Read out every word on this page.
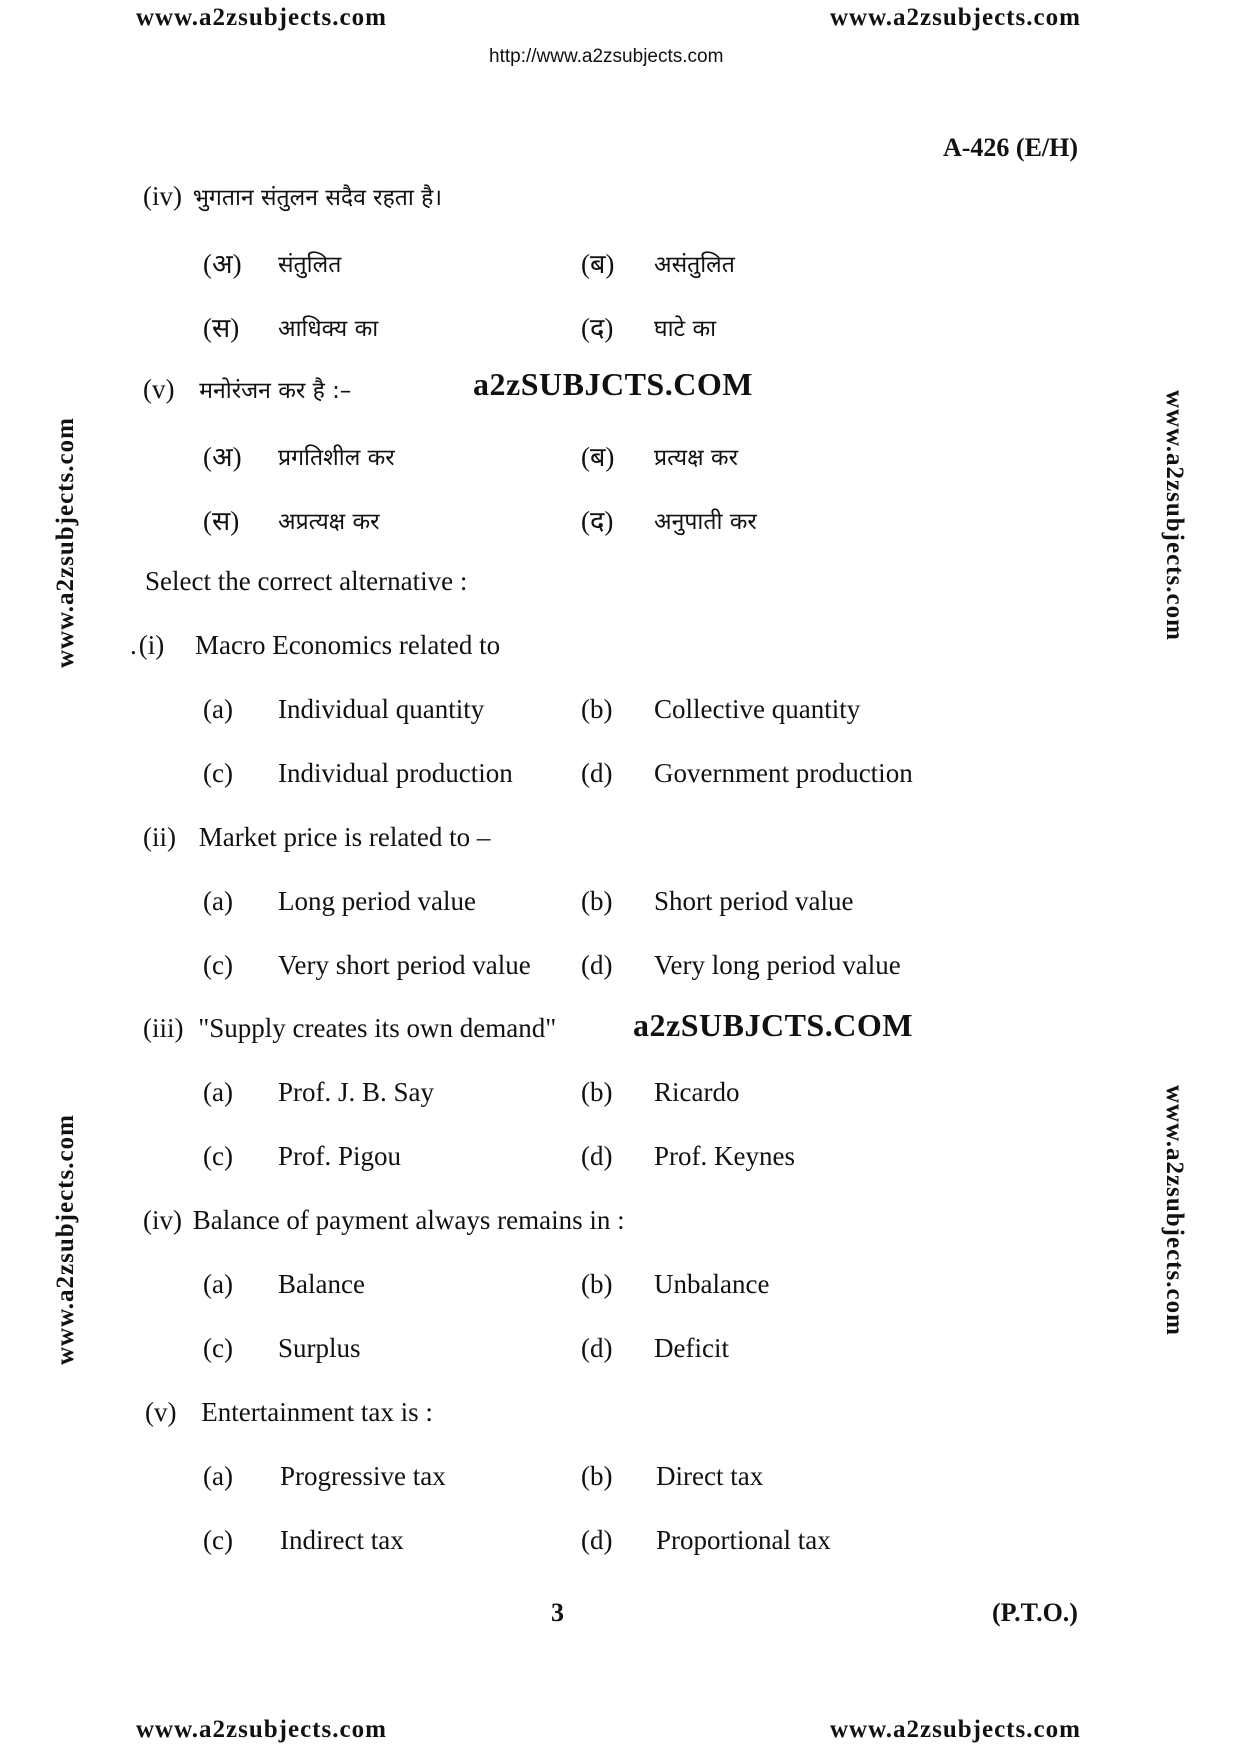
www.a2zsubjects.com	www.a2zsubjects.com
http://www.a2zsubjects.com
A-426 (E/H)
www.a2zsubjects.com
www.a2zsubjects.com
www.a2zsubjects.com
www.a2zsubjects.com
(iv) भुगतान संतुलन सदैव रहता है।
(अ) संतुलित	(ब) असंतुलित
(स) आधिक्य का	(द) घाटे का
(v) मनोरंजन कर है :–	a2zSUBJCTS.COM
(अ) प्रगतिशील कर	(ब) प्रत्यक्ष कर
(स) अप्रत्यक्ष कर	(द) अनुपाती कर
Select the correct alternative :
.(i) Macro Economics related to
(a) Individual quantity	(b) Collective quantity
(c) Individual production	(d) Government production
(ii) Market price is related to –
(a) Long period value	(b) Short period value
(c) Very short period value (d) Very long period value
(iii) "Supply creates its own demand" a2zSUBJCTS.COM
(a) Prof. J. B. Say	(b) Ricardo
(c) Prof. Pigou	(d) Prof. Keynes
(iv) Balance of payment always remains in :
(a) Balance	(b) Unbalance
(c) Surplus	(d) Deficit
(v) Entertainment tax is :
(a) Progressive tax	(b) Direct tax
(c) Indirect tax	(d) Proportional tax
3	(P.T.O.)
www.a2zsubjects.com	www.a2zsubjects.com
